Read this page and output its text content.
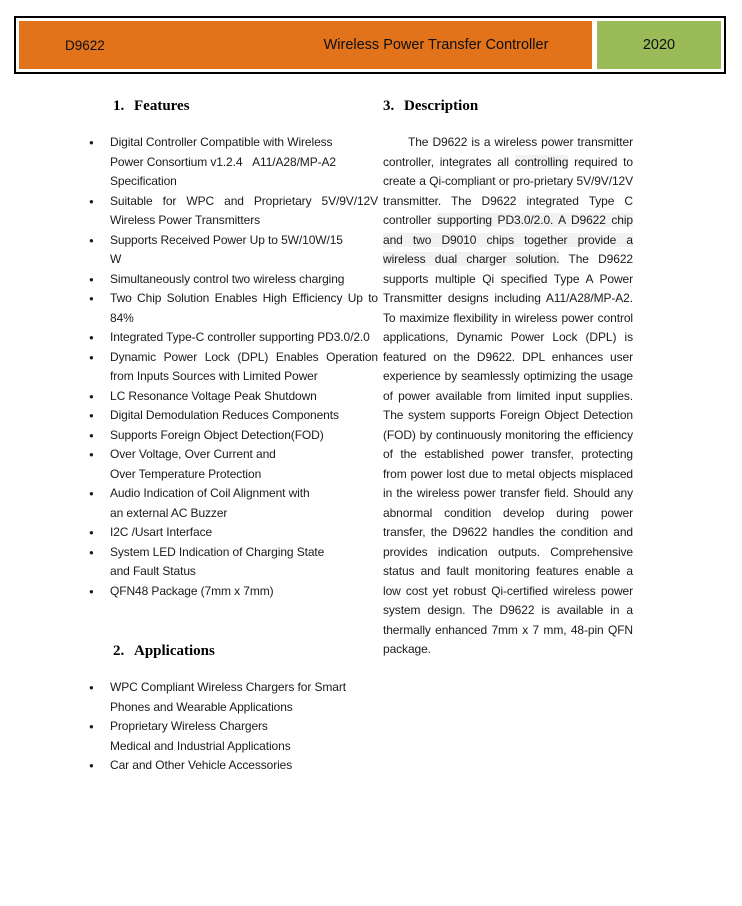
D9622	Wireless Power Transfer Controller	2020
1. Features
● Digital Controller Compatible with Wireless
Power Consortium v1.2.4   A11/A28/MP-A2
Specification
● Suitable for WPC and Proprietary 5V/9V/12V Wireless Power Transmitters
● Supports Received Power Up to 5W/10W/15
W
● Simultaneously control two wireless charging
● Two Chip Solution Enables High Efficiency Up to 84%
● Integrated Type-C controller supporting PD3.0/2.0
● Dynamic Power Lock (DPL) Enables Operation from Inputs Sources with Limited Power
● LC Resonance Voltage Peak Shutdown
● Digital Demodulation Reduces Components
● Supports Foreign Object Detection(FOD)
● Over Voltage, Over Current and
Over Temperature Protection
● Audio Indication of Coil Alignment with
an external AC Buzzer
● I2C /Usart Interface
● System LED Indication of Charging State
and Fault Status
● QFN48 Package (7mm x 7mm)
2. Applications
● WPC Compliant Wireless Chargers for Smart
Phones and Wearable Applications
● Proprietary Wireless Chargers
Medical and Industrial Applications
● Car and Other Vehicle Accessories
3. Description
The D9622 is a wireless power transmitter controller, integrates all controlling required to create a Qi-compliant or pro-prietary 5V/9V/12V transmitter. The D9622 integrated Type C controller supporting PD3.0/2.0. A D9622 chip and two D9010 chips together provide a wireless dual charger solution. The D9622 supports multiple Qi specified Type A Power Transmitter designs including A11/A28/MP-A2. To maximize flexibility in wireless power control applications, Dynamic Power Lock (DPL) is featured on the D9622. DPL enhances user experience by seamlessly optimizing the usage of power available from limited input supplies. The system supports Foreign Object Detection (FOD) by continuously monitoring the efficiency of the established power transfer, protecting from power lost due to metal objects misplaced in the wireless power transfer field. Should any abnormal condition develop during power transfer, the D9622 handles the condition and provides indication outputs. Comprehensive status and fault monitoring features enable a low cost yet robust Qi-certified wireless power system design. The D9622 is available in a thermally enhanced 7mm x 7 mm, 48-pin QFN package.
